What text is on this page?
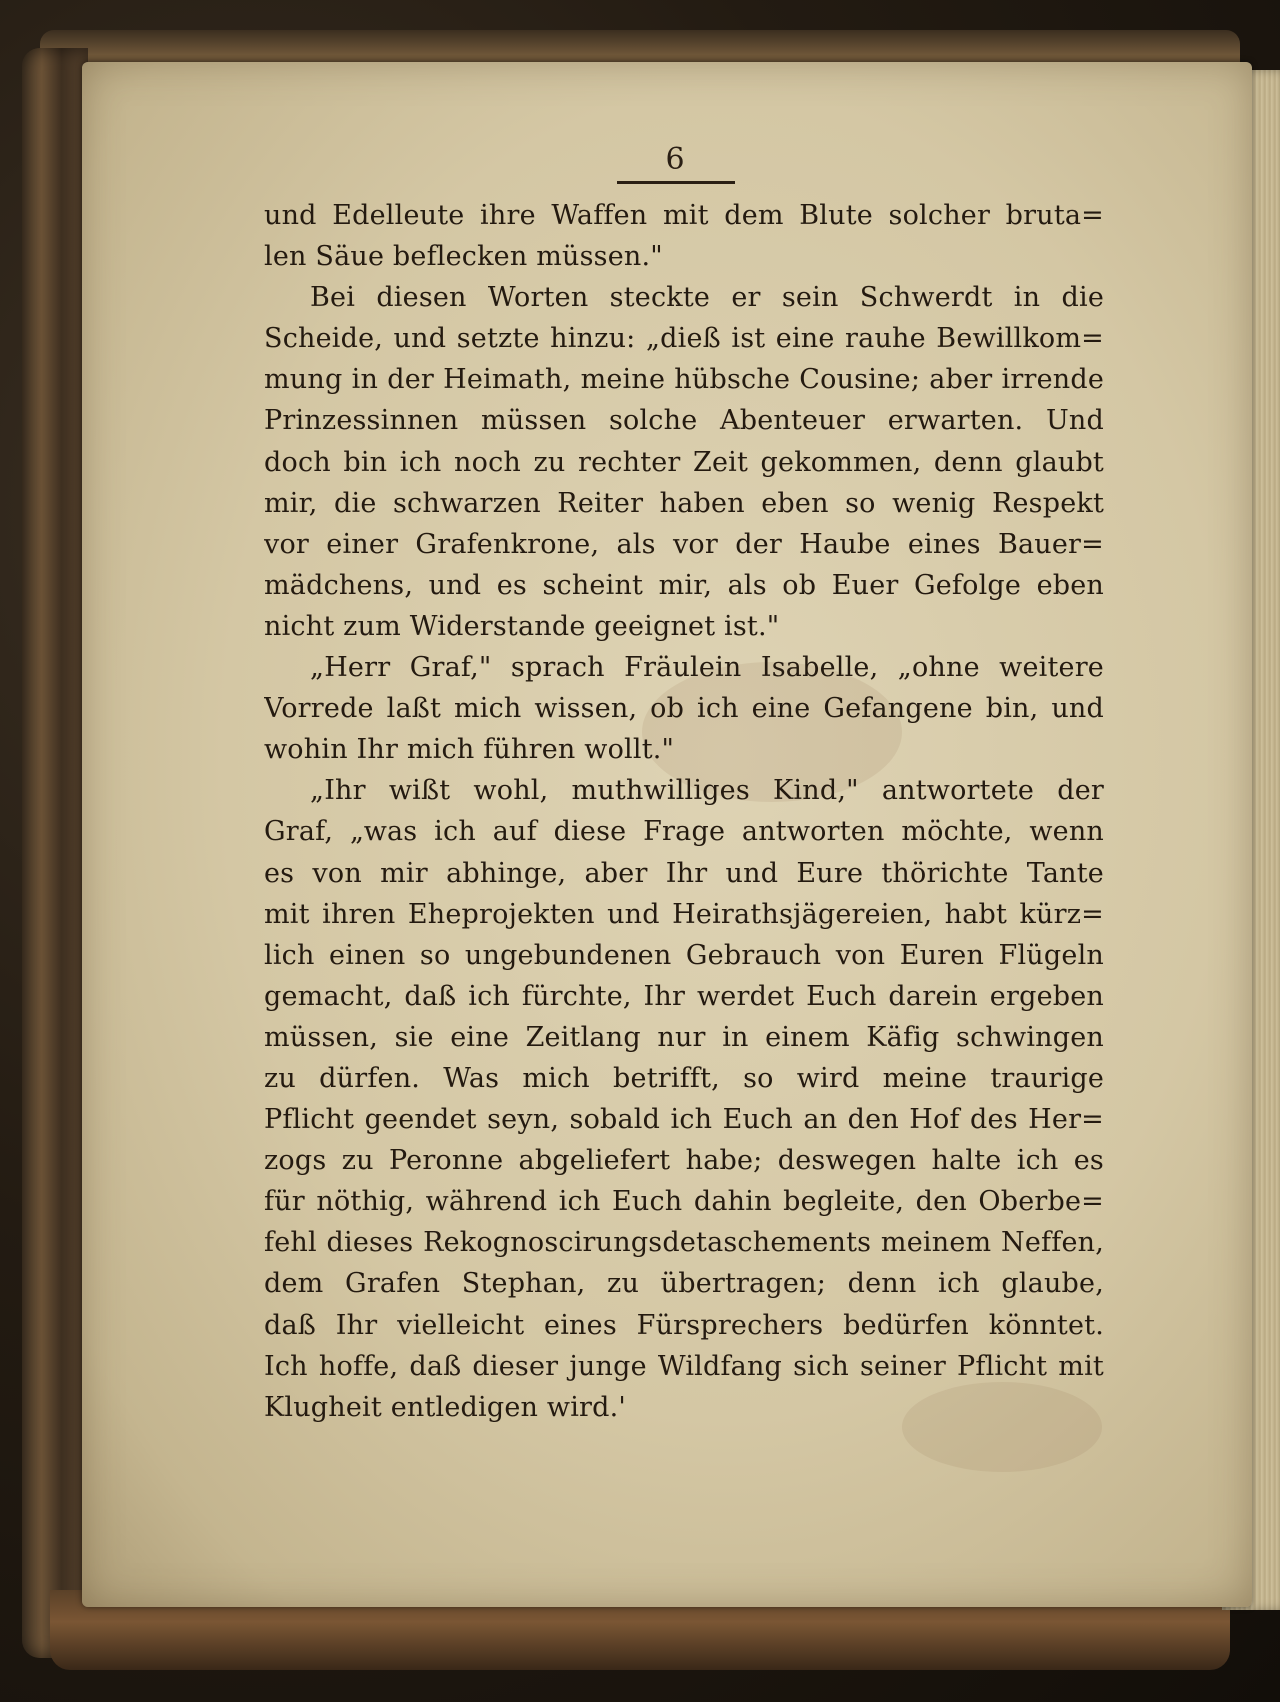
6
und Edelleute ihre Waffen mit dem Blute solcher bruta=
len Säue beflecken müssen."
Bei diesen Worten steckte er sein Schwerdt in die
Scheide, und setzte hinzu: „dieß ist eine rauhe Bewillkom=
mung in der Heimath, meine hübsche Cousine; aber irrende
Prinzessinnen müssen solche Abenteuer erwarten. Und
doch bin ich noch zu rechter Zeit gekommen, denn glaubt
mir, die schwarzen Reiter haben eben so wenig Respekt
vor einer Grafenkrone, als vor der Haube eines Bauer=
mädchens, und es scheint mir, als ob Euer Gefolge eben
nicht zum Widerstande geeignet ist."
„Herr Graf," sprach Fräulein Isabelle, „ohne weitere
Vorrede laßt mich wissen, ob ich eine Gefangene bin, und
wohin Ihr mich führen wollt."
„Ihr wißt wohl, muthwilliges Kind," antwortete der
Graf, „was ich auf diese Frage antworten möchte, wenn
es von mir abhinge, aber Ihr und Eure thörichte Tante
mit ihren Eheprojekten und Heirathsjägereien, habt kürz=
lich einen so ungebundenen Gebrauch von Euren Flügeln
gemacht, daß ich fürchte, Ihr werdet Euch darein ergeben
müssen, sie eine Zeitlang nur in einem Käfig schwingen
zu dürfen. Was mich betrifft, so wird meine traurige
Pflicht geendet seyn, sobald ich Euch an den Hof des Her=
zogs zu Peronne abgeliefert habe; deswegen halte ich es
für nöthig, während ich Euch dahin begleite, den Oberbe=
fehl dieses Rekognoscirungsdetaschements meinem Neffen,
dem Grafen Stephan, zu übertragen; denn ich glaube,
daß Ihr vielleicht eines Fürsprechers bedürfen könntet.
Ich hoffe, daß dieser junge Wildfang sich seiner Pflicht mit
Klugheit entledigen wird.'
